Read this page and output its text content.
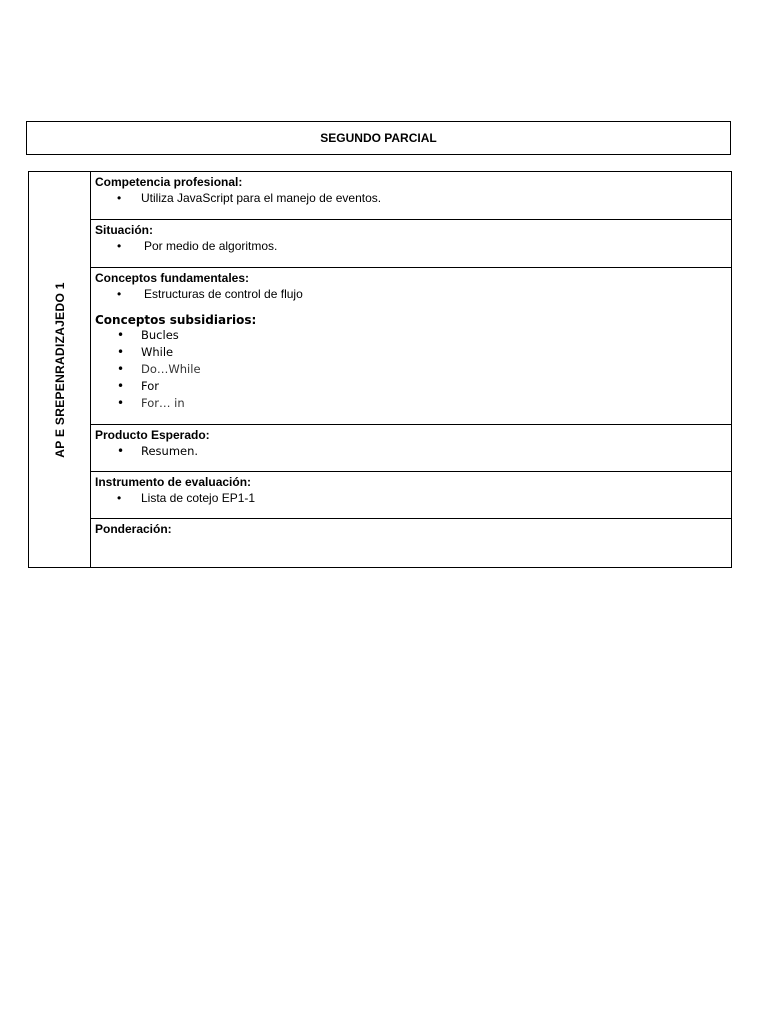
SEGUNDO PARCIAL
AP E SREPENRADIZAJEDO 1
Competencia profesional:
• Utiliza JavaScript para el manejo de eventos.
Situación:
• Por medio de algoritmos.
Conceptos fundamentales:
• Estructuras de control de flujo
Conceptos subsidiarios:
• Bucles
• While
• Do…While
• For
• For… in
Producto Esperado:
• Resumen.
Instrumento de evaluación:
• Lista de cotejo EP1-1
Ponderación:
